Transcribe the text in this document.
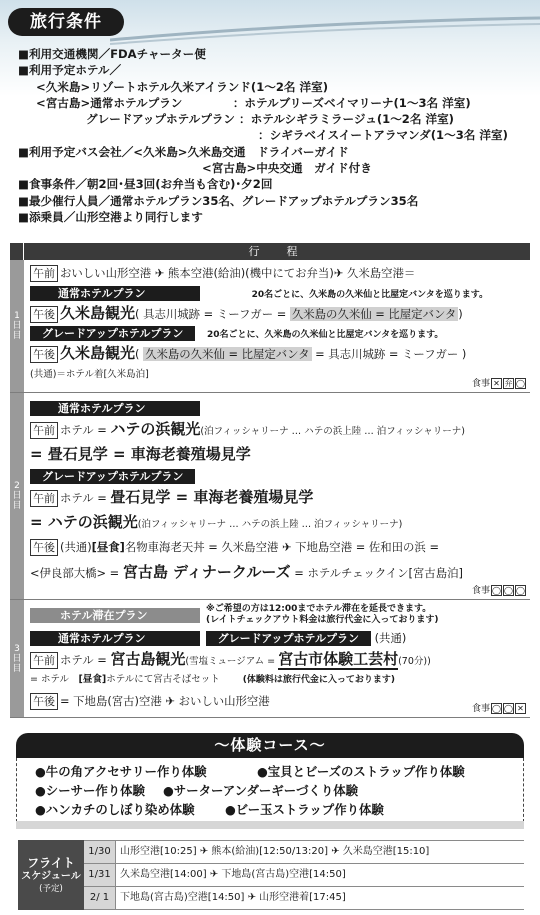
旅行条件
■利用交通機関／FDAチャーター便
■利用予定ホテル／
<久米島>リゾートホテル久米アイランド(1〜2名 洋室)
<宮古島>通常ホテルプラン　　　　	：ホテルブリーズベイマリーナ(1〜3名 洋室)
グレードアップホテルプラン ：ホテルシギラミラージュ(1〜2名 洋室)
：シギラベイスイートアラマンダ(1〜3名 洋室)
■利用予定バス会社／<久米島>久米島交通　ドライバーガイド
<宮古島>中央交通　ガイド付き
■食事条件／朝2回･昼3回(お弁当も含む)･夕2回
■最少催行人員／通常ホテルプラン35名、グレードアップホテルプラン35名
■添乗員／山形空港より同行します
行　程
1日目
午前 おいしい山形空港 ✈ 熊本空港(給油)(機中にてお弁当)✈ 久米島空港＝
通常ホテルプラン	20名ごとに、久米島の久米仙と比屋定バンタを巡ります。
午後 久米島観光( 具志川城跡 = ミーフガー = 久米島の久米仙 = 比屋定バンタ )
グレードアップホテルプラン	20名ごとに、久米島の久米仙と比屋定バンタを巡ります。
午後 久米島観光( 久米島の久米仙 = 比屋定バンタ = 具志川城跡 = ミーフガー )
(共通)＝ホテル着[久米島泊]
食事 ✕ 弁 ◯
2日目
通常ホテルプラン
午前 ホテル = ハテの浜観光(泊フィッシャリーナ … ハテの浜上陸 … 泊フィッシャリーナ)
= 畳石見学 = 車海老養殖場見学
グレードアップホテルプラン
午前 ホテル = 畳石見学 = 車海老養殖場見学
= ハテの浜観光(泊フィッシャリーナ … ハテの浜上陸 … 泊フィッシャリーナ)
午後 (共通)[昼食]名物車海老天丼 = 久米島空港 ✈ 下地島空港 = 佐和田の浜 =
<伊良部大橋> = 宮古島 ディナークルーズ = ホテルチェックイン[宮古島泊]
食事 ◯ ◯ ◯
3日目
ホテル滞在プラン	※ご希望の方は12:00までホテル滞在を延長できます。
(レイトチェックアウト料金は旅行代金に入っております)
通常ホテルプラン	グレードアップホテルプラン (共通)
午前 ホテル = 宮古島観光(雪塩ミュージアム = 宮古市体験工芸村(70分))
= ホテル　[昼食]ホテルにて宮古そばセット	(体験料は旅行代金に入っております)
午後 = 下地島(宮古)空港 ✈ おいしい山形空港
食事 ◯ ◯ ✕
〜体験コース〜
●牛の角アクセサリー作り体験	●宝貝とビーズのストラップ作り体験
●シーサー作り体験	●サーターアンダーギーづくり体験
●ハンカチのしぼり染め体験	●ビー玉ストラップ作り体験
フライト
スケジュール
(予定)
1/30 山形空港[10:25] ✈ 熊本(給油)[12:50/13:20] ✈ 久米島空港[15:10]
1/31 久米島空港[14:00] ✈ 下地島(宮古島)空港[14:50]
2/ 1	下地島(宮古島)空港[14:50] ✈ 山形空港着[17:45]
